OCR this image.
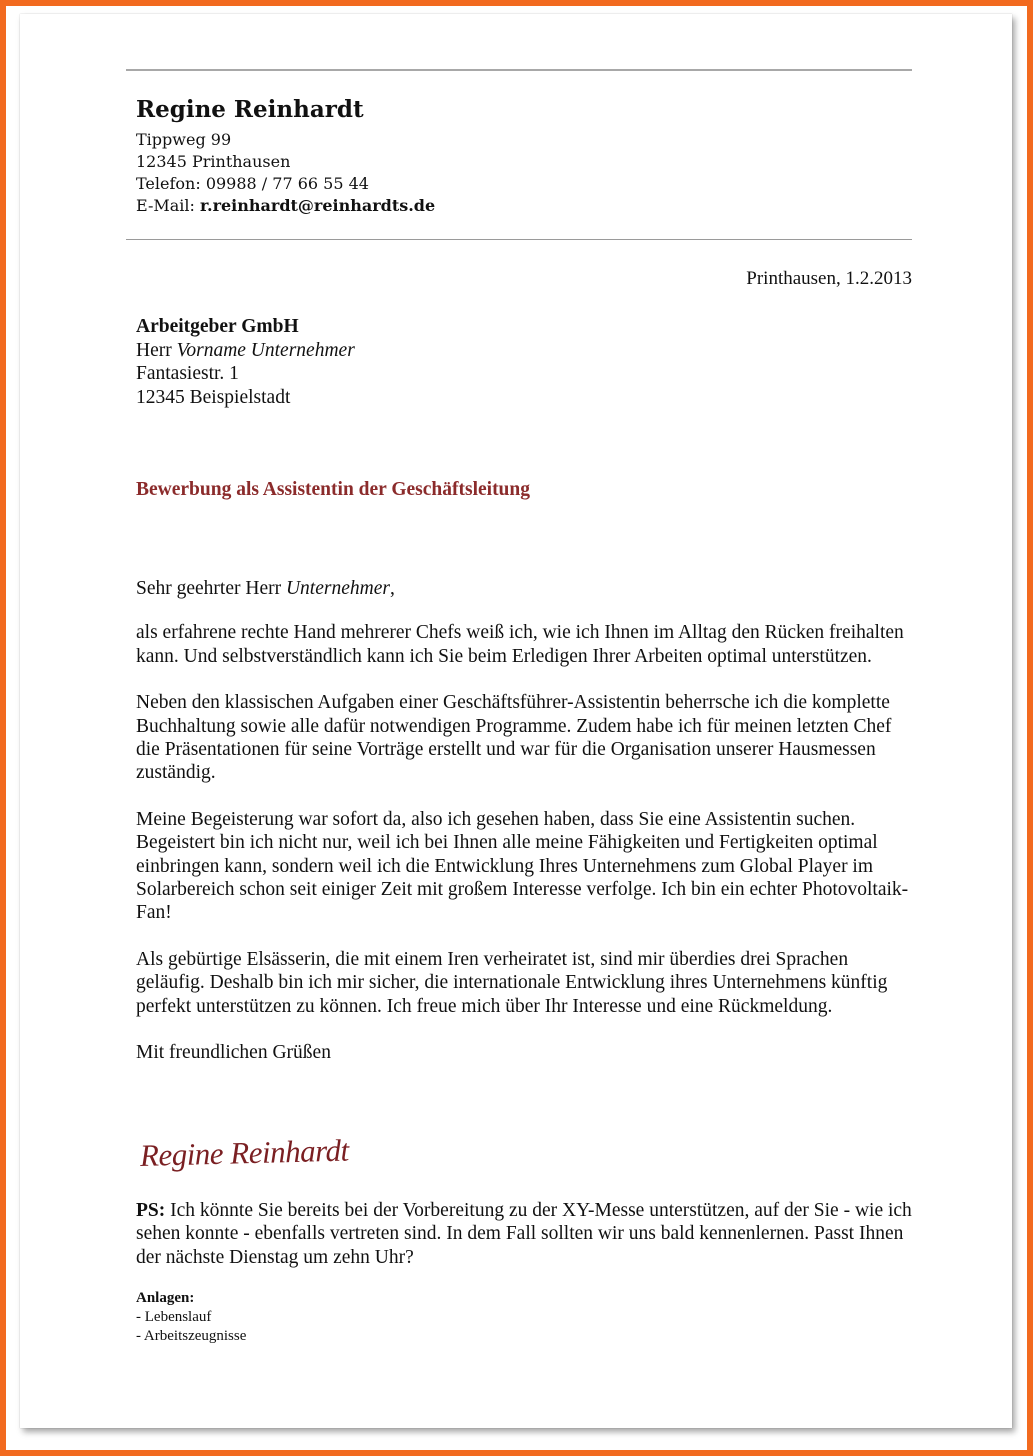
Regine Reinhardt
Tippweg 99
12345 Printhausen
Telefon: 09988 / 77 66 55 44
E-Mail: r.reinhardt@reinhardts.de
Printhausen, 1.2.2013
Arbeitgeber GmbH
Herr Vorname Unternehmer
Fantasiestr. 1
12345 Beispielstadt
Bewerbung als Assistentin der Geschäftsleitung

Sehr geehrter Herr Unternehmer,

als erfahrene rechte Hand mehrerer Chefs weiß ich, wie ich Ihnen im Alltag den Rücken freihalten kann. Und selbstverständlich kann ich Sie beim Erledigen Ihrer Arbeiten optimal unterstützen.

Neben den klassischen Aufgaben einer Geschäftsführer-Assistentin beherrsche ich die komplette Buchhaltung sowie alle dafür notwendigen Programme. Zudem habe ich für meinen letzten Chef die Präsentationen für seine Vorträge erstellt und war für die Organisation unserer Hausmessen zuständig.

Meine Begeisterung war sofort da, also ich gesehen haben, dass Sie eine Assistentin suchen. Begeistert bin ich nicht nur, weil ich bei Ihnen alle meine Fähigkeiten und Fertigkeiten optimal einbringen kann, sondern weil ich die Entwicklung Ihres Unternehmens zum Global Player im Solarbereich schon seit einiger Zeit mit großem Interesse verfolge. Ich bin ein echter Photovoltaik-Fan!

Als gebürtige Elsässerin, die mit einem Iren verheiratet ist, sind mir überdies drei Sprachen geläufig. Deshalb bin ich mir sicher, die internationale Entwicklung ihres Unternehmens künftig perfekt unterstützen zu können. Ich freue mich über Ihr Interesse und eine Rückmeldung.

Mit freundlichen Grüßen

Regine Reinhardt
PS: Ich könnte Sie bereits bei der Vorbereitung zu der XY-Messe unterstützen, auf der Sie - wie ich sehen konnte - ebenfalls vertreten sind. In dem Fall sollten wir uns bald kennenlernen. Passt Ihnen der nächste Dienstag um zehn Uhr?
Anlagen:
- Lebenslauf
- Arbeitszeugnisse
